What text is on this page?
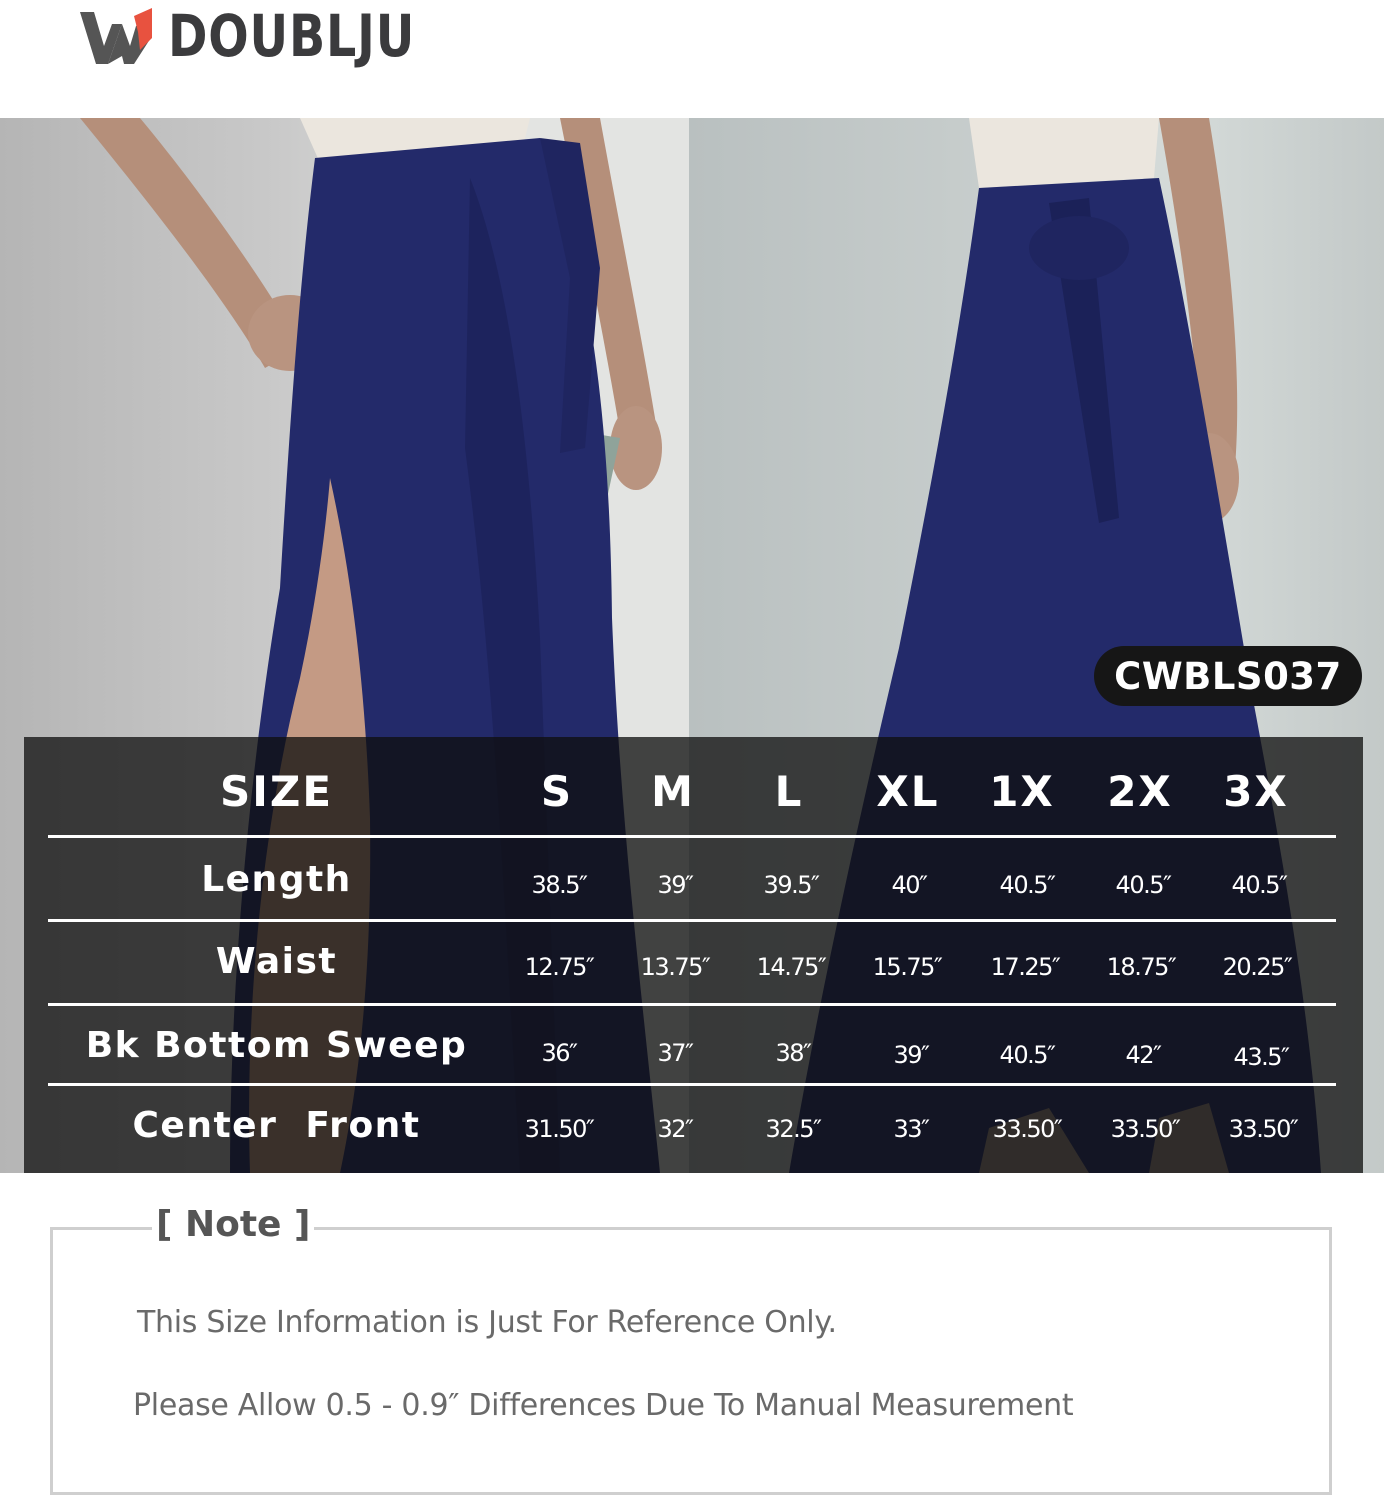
DOUBLJU
CWBLS037
SIZE	S	M	L	XL	1X	2X	3X
Length	38.5″	39″	39.5″	40″	40.5″	40.5″	40.5″
Waist	12.75″	13.75″	14.75″	15.75″	17.25″	18.75″	20.25″
Bk Bottom Sweep	36″	37″	38″	39″	40.5″	42″	43.5″
Center  Front	31.50″	32″	32.5″	33″	33.50″	33.50″	33.50″
[ Note ]
This Size Information is Just For Reference Only.
Please Allow 0.5 - 0.9″ Differences Due To Manual Measurement
